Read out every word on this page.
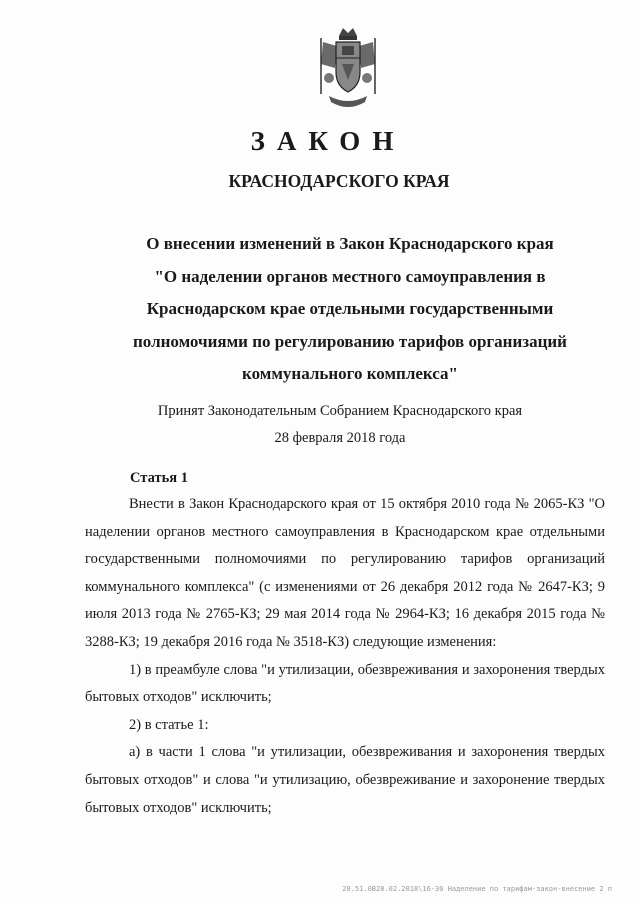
ЗАКОН
КРАСНОДАРСКОГО КРАЯ
О внесении изменений в Закон Краснодарского края
"О наделении органов местного самоуправления в
Краснодарском крае отдельными государственными
полномочиями по регулированию тарифов организаций
коммунального комплекса"
Принят Законодательным Собранием Краснодарского края
28 февраля 2018 года
Статья 1

Внести в Закон Краснодарского края от 15 октября 2010 года № 2065-КЗ "О наделении органов местного самоуправления в Краснодарском крае отдельными государственными полномочиями по регулированию тарифов организаций коммунального комплекса" (с изменениями от 26 декабря 2012 года № 2647-КЗ; 9 июля 2013 года № 2765-КЗ; 29 мая 2014 года № 2964-КЗ; 16 декабря 2015 года № 3288-КЗ; 19 декабря 2016 года № 3518-КЗ) следующие изменения:

1) в преамбуле слова "и утилизации, обезвреживания и захоронения твердых бытовых отходов" исключить;

2) в статье 1:

а) в части 1 слова "и утилизации, обезвреживания и захоронения твердых бытовых отходов" и слова "и утилизацию, обезвреживание и захоронение твердых бытовых отходов" исключить;

20.51.0В28.02.2018\16-30 Наделение по тарифам-закон-внесение 2 п
